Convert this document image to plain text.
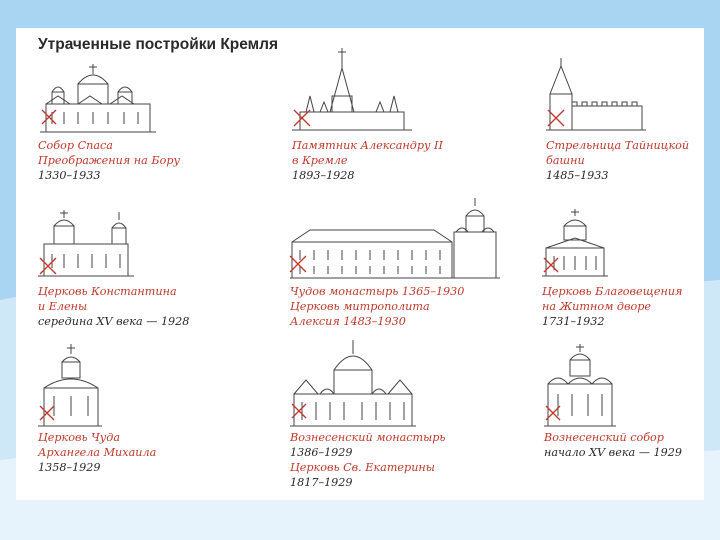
Утраченные постройки Кремля
Собор Спаса
Преображения на Бору
1330–1933
Памятник Александру II
в Кремле
1893–1928
Стрельница Тайницкой
башни
1485–1933
Церковь Константина
и Елены
середина XV века — 1928
Чудов монастырь 1365–1930
Церковь митрополита
Алексия 1483–1930
Церковь Благовещения
на Житном дворе
1731–1932
Церковь Чуда
Архангела Михаила
1358–1929
Вознесенский монастырь
1386–1929
Церковь Св. Екатерины
1817–1929
Вознесенский собор
начало XV века — 1929
